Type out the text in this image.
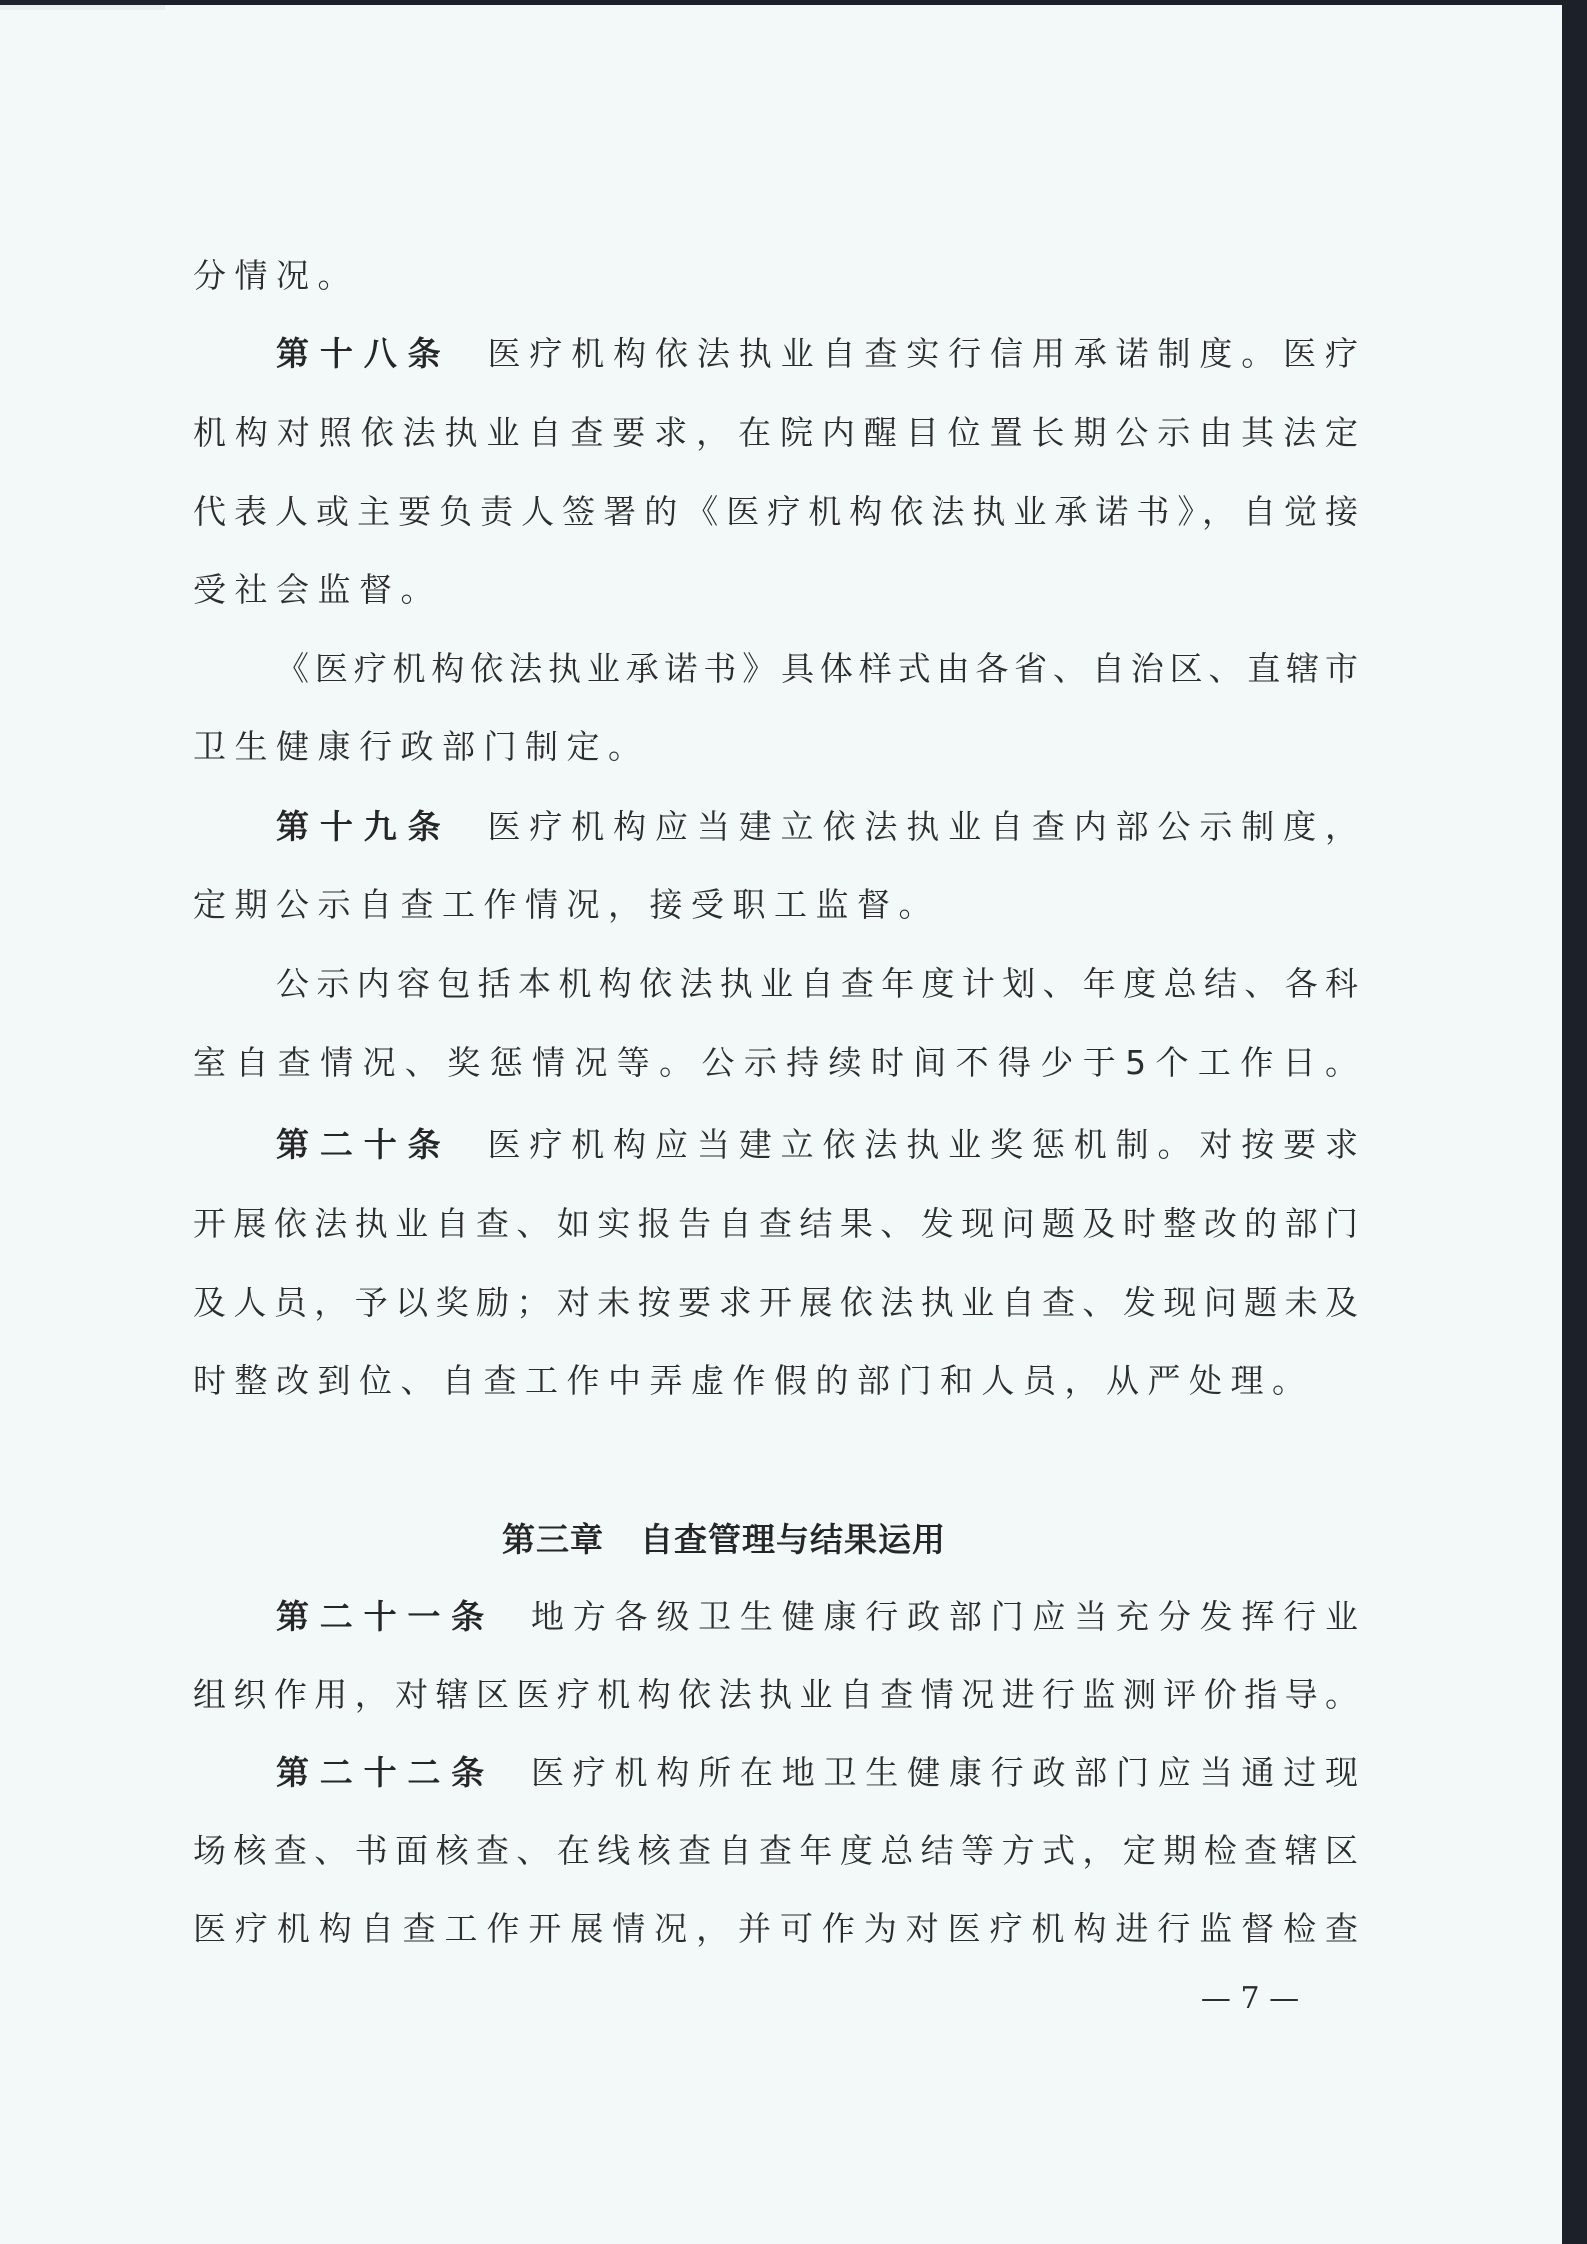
分情况。
第十八条 医疗机构依法执业自查实行信用承诺制度。医疗
机构对照依法执业自查要求，在院内醒目位置长期公示由其法定
代表人或主要负责人签署的《医疗机构依法执业承诺书》，自觉接
受社会监督。
《医疗机构依法执业承诺书》具体样式由各省、自治区、直辖市
卫生健康行政部门制定。
第十九条 医疗机构应当建立依法执业自查内部公示制度，
定期公示自查工作情况，接受职工监督。
公示内容包括本机构依法执业自查年度计划、年度总结、各科
室自查情况、奖惩情况等。公示持续时间不得少于5个工作日。
第二十条 医疗机构应当建立依法执业奖惩机制。对按要求
开展依法执业自查、如实报告自查结果、发现问题及时整改的部门
及人员，予以奖励；对未按要求开展依法执业自查、发现问题未及
时整改到位、自查工作中弄虚作假的部门和人员，从严处理。
第三章 自查管理与结果运用
第二十一条 地方各级卫生健康行政部门应当充分发挥行业
组织作用，对辖区医疗机构依法执业自查情况进行监测评价指导。
第二十二条 医疗机构所在地卫生健康行政部门应当通过现
场核查、书面核查、在线核查自查年度总结等方式，定期检查辖区
医疗机构自查工作开展情况，并可作为对医疗机构进行监督检查
— 7 —
